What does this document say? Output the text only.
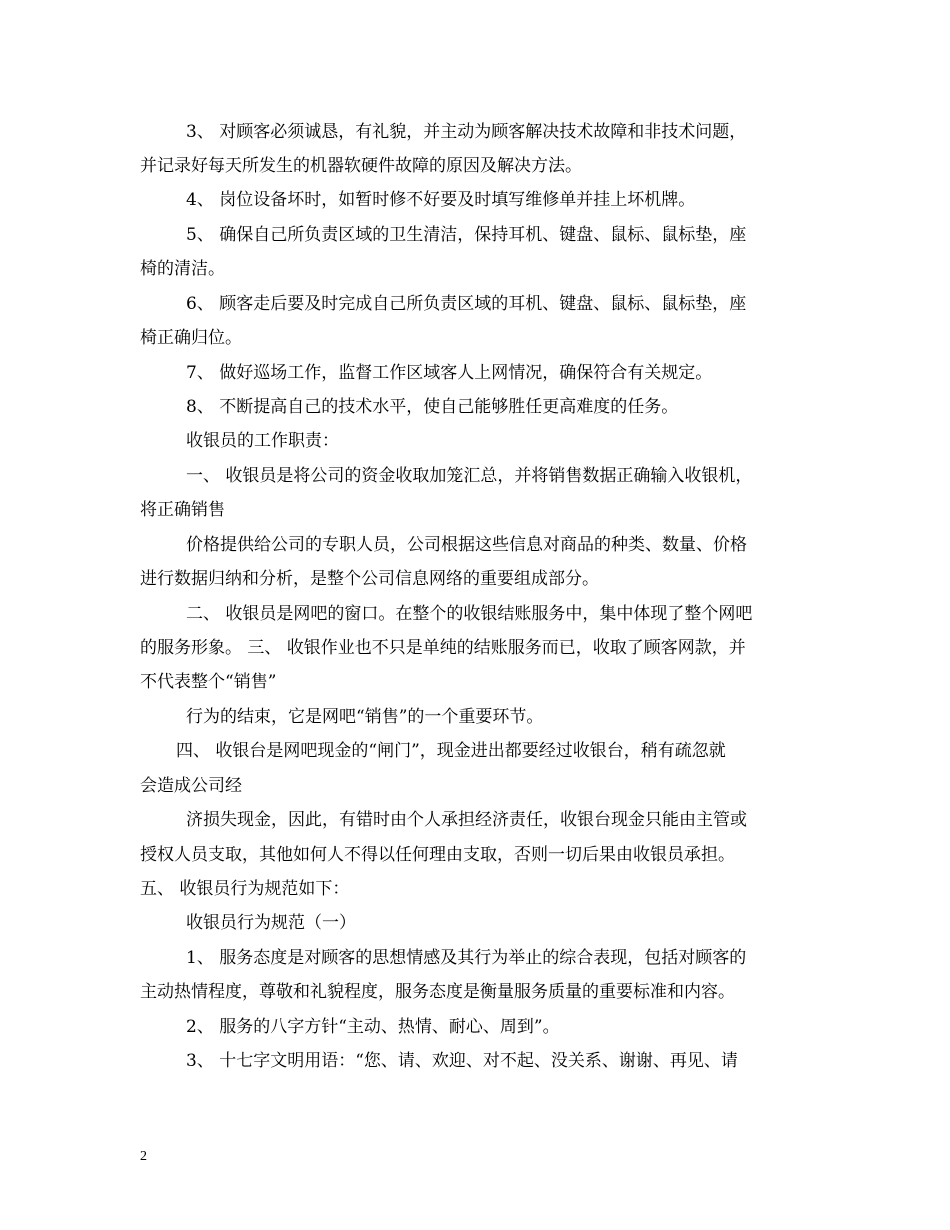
3、 对顾客必须诚恳，有礼貌，并主动为顾客解决技术故障和非技术问题，
并记录好每天所发生的机器软硬件故障的原因及解决方法。
4、 岗位设备坏时，如暂时修不好要及时填写维修单并挂上坏机牌。
5、 确保自己所负责区域的卫生清洁，保持耳机、键盘、鼠标、鼠标垫，座
椅的清洁。
6、 顾客走后要及时完成自己所负责区域的耳机、键盘、鼠标、鼠标垫，座
椅正确归位。
7、 做好巡场工作，监督工作区域客人上网情况，确保符合有关规定。
8、 不断提高自己的技术水平，使自己能够胜任更高难度的任务。
收银员的工作职责：
一、 收银员是将公司的资金收取加笼汇总，并将销售数据正确输入收银机，
将正确销售
价格提供给公司的专职人员，公司根据这些信息对商品的种类、数量、价格
进行数据归纳和分析，是整个公司信息网络的重要组成部分。
二、 收银员是网吧的窗口。在整个的收银结账服务中，集中体现了整个网吧
的服务形象。 三、 收银作业也不只是单纯的结账服务而已，收取了顾客网款，并
不代表整个“销售”
行为的结束，它是网吧“销售”的一个重要环节。
四、 收银台是网吧现金的“闸门”，现金进出都要经过收银台，稍有疏忽就
会造成公司经
济损失现金，因此，有错时由个人承担经济责任，收银台现金只能由主管或
授权人员支取，其他如何人不得以任何理由支取，否则一切后果由收银员承担。
五、 收银员行为规范如下：
收银员行为规范（一）
1、 服务态度是对顾客的思想情感及其行为举止的综合表现，包括对顾客的
主动热情程度，尊敬和礼貌程度，服务态度是衡量服务质量的重要标准和内容。
2、 服务的八字方针“主动、热情、耐心、周到”。
3、 十七字文明用语：“您、请、欢迎、对不起、没关系、谢谢、再见、请
2
